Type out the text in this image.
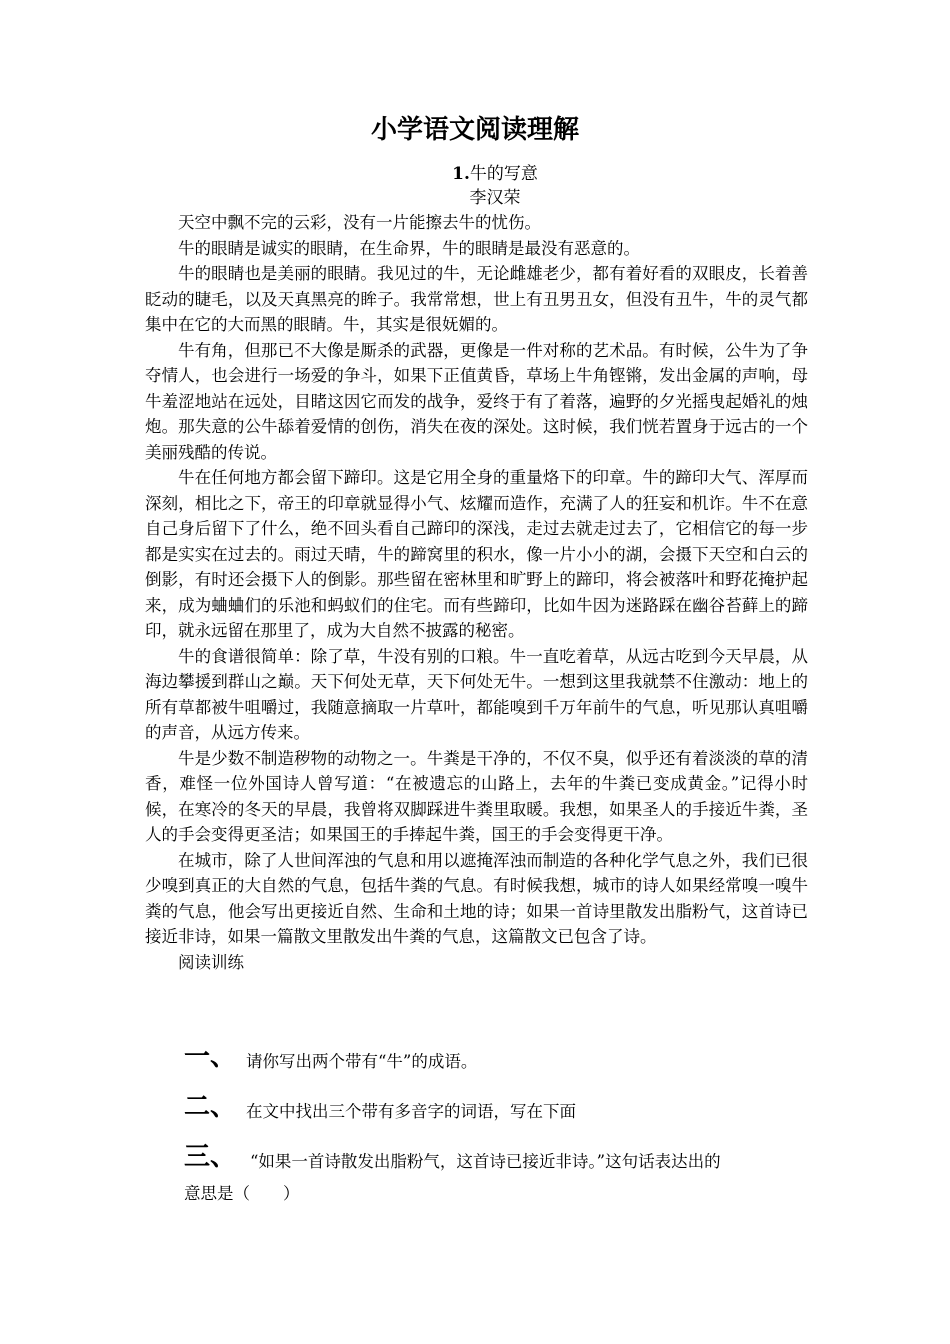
小学语文阅读理解
1.牛的写意
李汉荣

天空中飘不完的云彩，没有一片能擦去牛的忧伤。

牛的眼睛是诚实的眼睛，在生命界，牛的眼睛是最没有恶意的。

牛的眼睛也是美丽的眼睛。我见过的牛，无论雌雄老少，都有着好看的双眼皮，长着善眨动的睫毛，以及天真黑亮的眸子。我常常想，世上有丑男丑女，但没有丑牛，牛的灵气都集中在它的大而黑的眼睛。牛，其实是很妩媚的。

牛有角，但那已不大像是厮杀的武器，更像是一件对称的艺术品。有时候，公牛为了争夺情人，也会进行一场爱的争斗，如果下正值黄昏，草场上牛角铿锵，发出金属的声响，母牛羞涩地站在远处，目睹这因它而发的战争，爱终于有了着落，遍野的夕光摇曳起婚礼的烛炮。那失意的公牛舔着爱情的创伤，消失在夜的深处。这时候，我们恍若置身于远古的一个美丽残酷的传说。

牛在任何地方都会留下蹄印。这是它用全身的重量烙下的印章。牛的蹄印大气、浑厚而深刻，相比之下，帝王的印章就显得小气、炫耀而造作，充满了人的狂妄和机诈。牛不在意自己身后留下了什么，绝不回头看自己蹄印的深浅，走过去就走过去了，它相信它的每一步都是实实在过去的。雨过天晴，牛的蹄窝里的积水，像一片小小的湖，会摄下天空和白云的倒影，有时还会摄下人的倒影。那些留在密林里和旷野上的蹄印，将会被落叶和野花掩护起来，成为蛐蛐们的乐池和蚂蚁们的住宅。而有些蹄印，比如牛因为迷路踩在幽谷苔藓上的蹄印，就永远留在那里了，成为大自然不披露的秘密。

牛的食谱很简单：除了草，牛没有别的口粮。牛一直吃着草，从远古吃到今天早晨，从海边攀援到群山之巅。天下何处无草，天下何处无牛。一想到这里我就禁不住激动：地上的所有草都被牛咀嚼过，我随意摘取一片草叶，都能嗅到千万年前牛的气息，听见那认真咀嚼的声音，从远方传来。

牛是少数不制造秽物的动物之一。牛粪是干净的，不仅不臭，似乎还有着淡淡的草的清香，难怪一位外国诗人曾写道：“在被遗忘的山路上，去年的牛粪已变成黄金。”记得小时候，在寒冷的冬天的早晨，我曾将双脚踩进牛粪里取暖。我想，如果圣人的手接近牛粪，圣人的手会变得更圣洁；如果国王的手捧起牛粪，国王的手会变得更干净。

在城市，除了人世间浑浊的气息和用以遮掩浑浊而制造的各种化学气息之外，我们已很少嗅到真正的大自然的气息，包括牛粪的气息。有时候我想，城市的诗人如果经常嗅一嗅牛粪的气息，他会写出更接近自然、生命和土地的诗；如果一首诗里散发出脂粉气，这首诗已接近非诗，如果一篇散文里散发出牛粪的气息，这篇散文已包含了诗。

阅读训练

一、 请你写出两个带有“牛”的成语。
二、 在文中找出三个带有多音字的词语，写在下面
三、 “如果一首诗散发出脂粉气，这首诗已接近非诗。”这句话表达出的
意思是（　　）
